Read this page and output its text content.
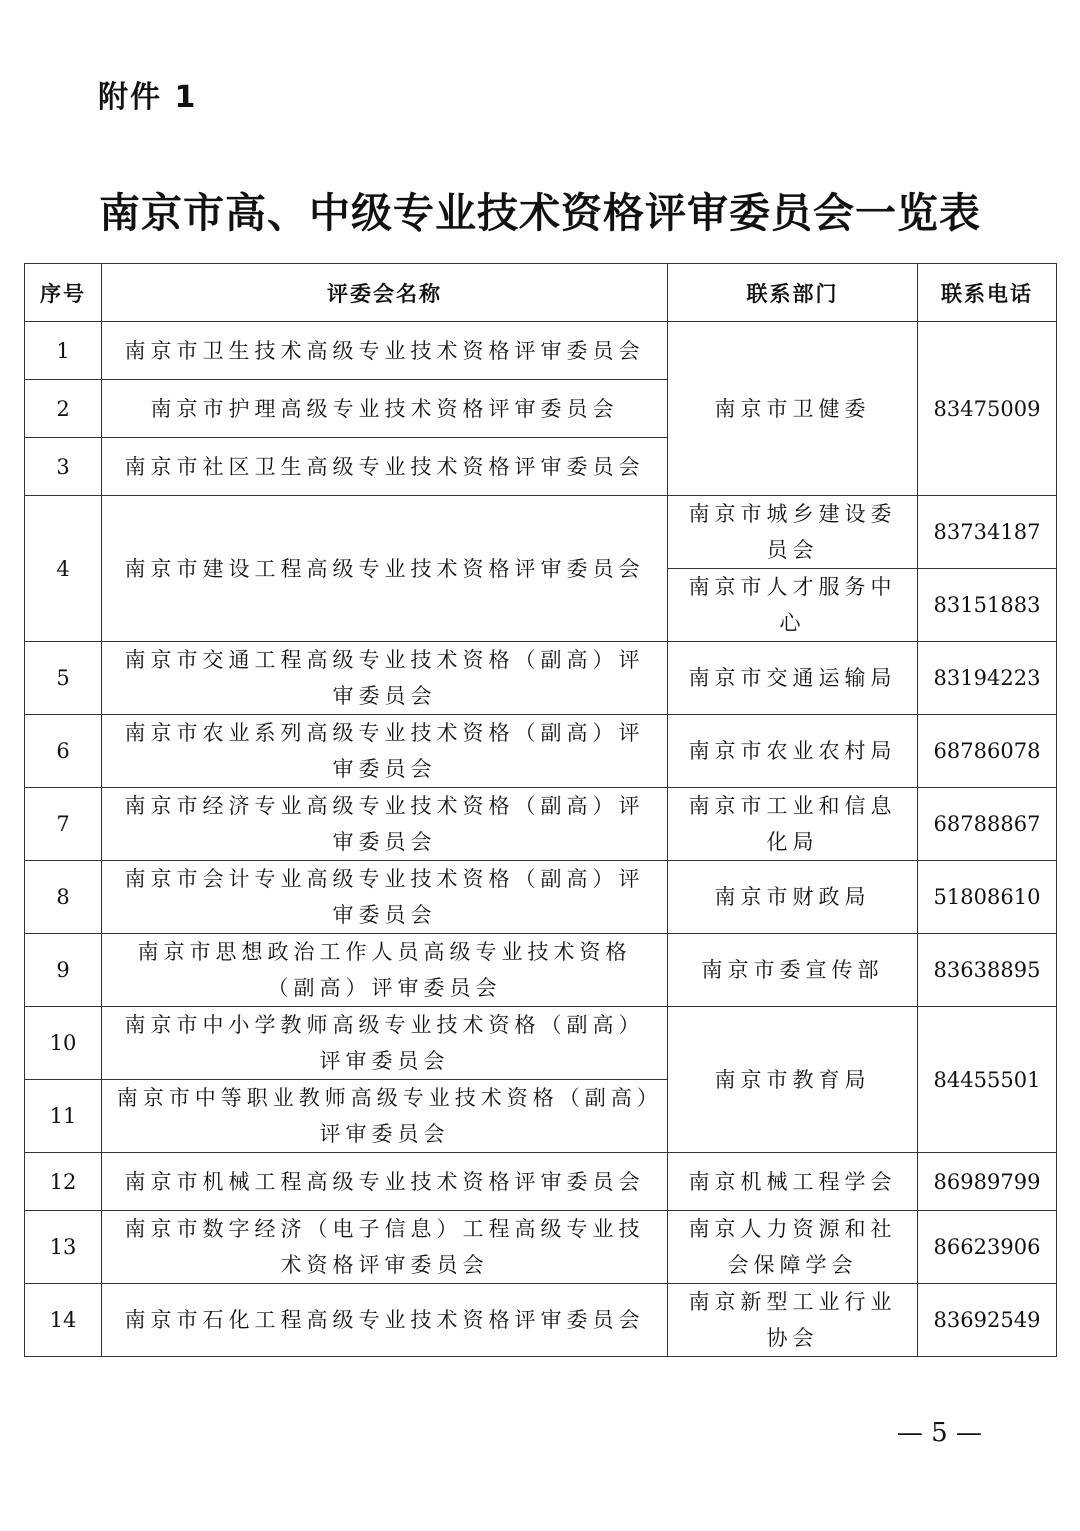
附件 1
南京市高、中级专业技术资格评审委员会一览表
序号	评委会名称	联系部门	联系电话
1	南京市卫生技术高级专业技术资格评审委员会	南京市卫健委	83475009
2	南京市护理高级专业技术资格评审委员会		
3	南京市社区卫生高级专业技术资格评审委员会		
4	南京市建设工程高级专业技术资格评审委员会	南京市城乡建设委员会	83734187
		南京市人才服务中心	83151883
5	南京市交通工程高级专业技术资格（副高）评审委员会	南京市交通运输局	83194223
6	南京市农业系列高级专业技术资格（副高）评审委员会	南京市农业农村局	68786078
7	南京市经济专业高级专业技术资格（副高）评审委员会	南京市工业和信息化局	68788867
8	南京市会计专业高级专业技术资格（副高）评审委员会	南京市财政局	51808610
9	南京市思想政治工作人员高级专业技术资格（副高）评审委员会	南京市委宣传部	83638895
10	南京市中小学教师高级专业技术资格（副高）评审委员会	南京市教育局	84455501
11	南京市中等职业教师高级专业技术资格（副高）评审委员会		
12	南京市机械工程高级专业技术资格评审委员会	南京机械工程学会	86989799
13	南京市数字经济（电子信息）工程高级专业技术资格评审委员会	南京人力资源和社会保障学会	86623906
14	南京市石化工程高级专业技术资格评审委员会	南京新型工业行业协会	83692549
— 5 —
